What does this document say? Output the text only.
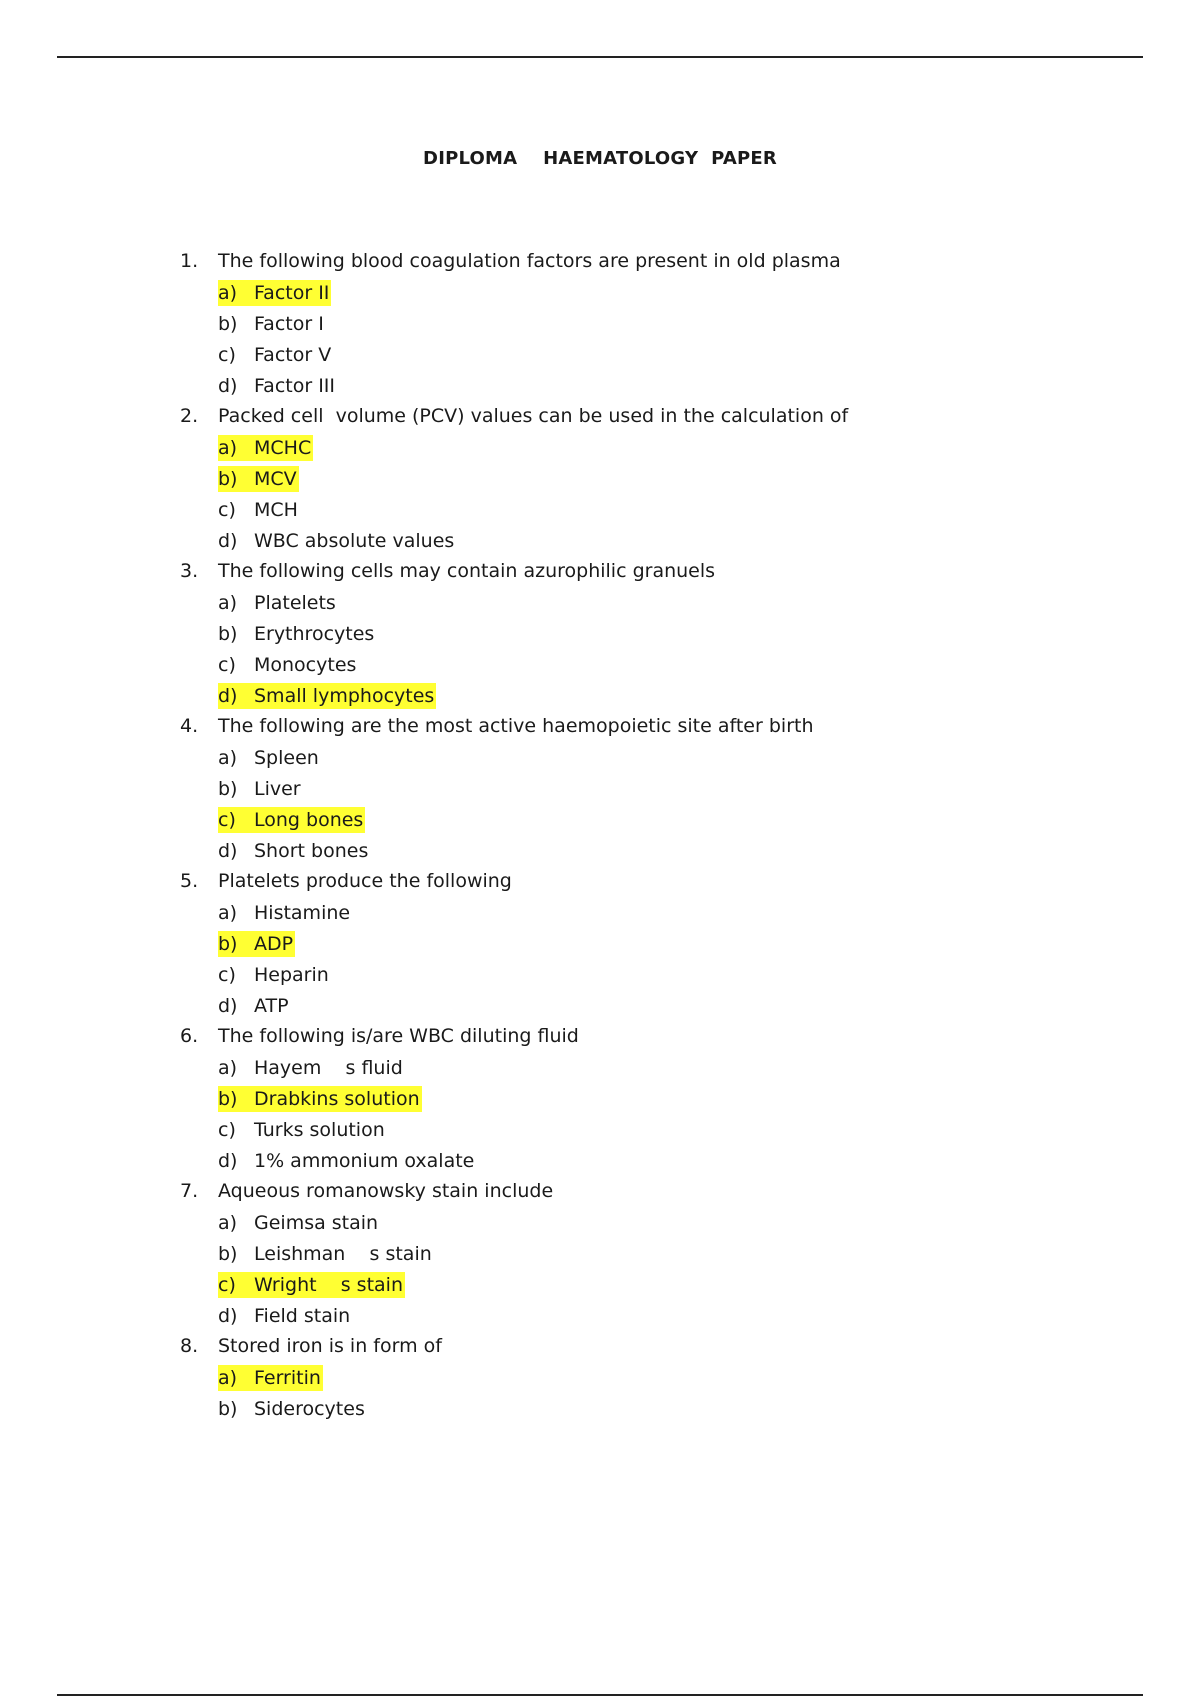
DIPLOMA    HAEMATOLOGY  PAPER
1.	The following blood coagulation factors are present in old plasma
a) Factor II
b) Factor I
c) Factor V
d) Factor III
2.	Packed cell  volume (PCV) values can be used in the calculation of
a) MCHC
b) MCV
c) MCH
d) WBC absolute values
3.	The following cells may contain azurophilic granuels
a) Platelets
b) Erythrocytes
c) Monocytes
d) Small lymphocytes
4.	The following are the most active haemopoietic site after birth
a) Spleen
b) Liver
c) Long bones
d) Short bones
5.	Platelets produce the following
a) Histamine
b) ADP
c) Heparin
d) ATP
6.	The following is/are WBC diluting fluid
a) Hayem    s fluid
b) Drabkins solution
c) Turks solution
d) 1% ammonium oxalate
7.	Aqueous romanowsky stain include
a) Geimsa stain
b) Leishman    s stain
c) Wright    s stain
d) Field stain
8.	Stored iron is in form of
a) Ferritin
b) Siderocytes
